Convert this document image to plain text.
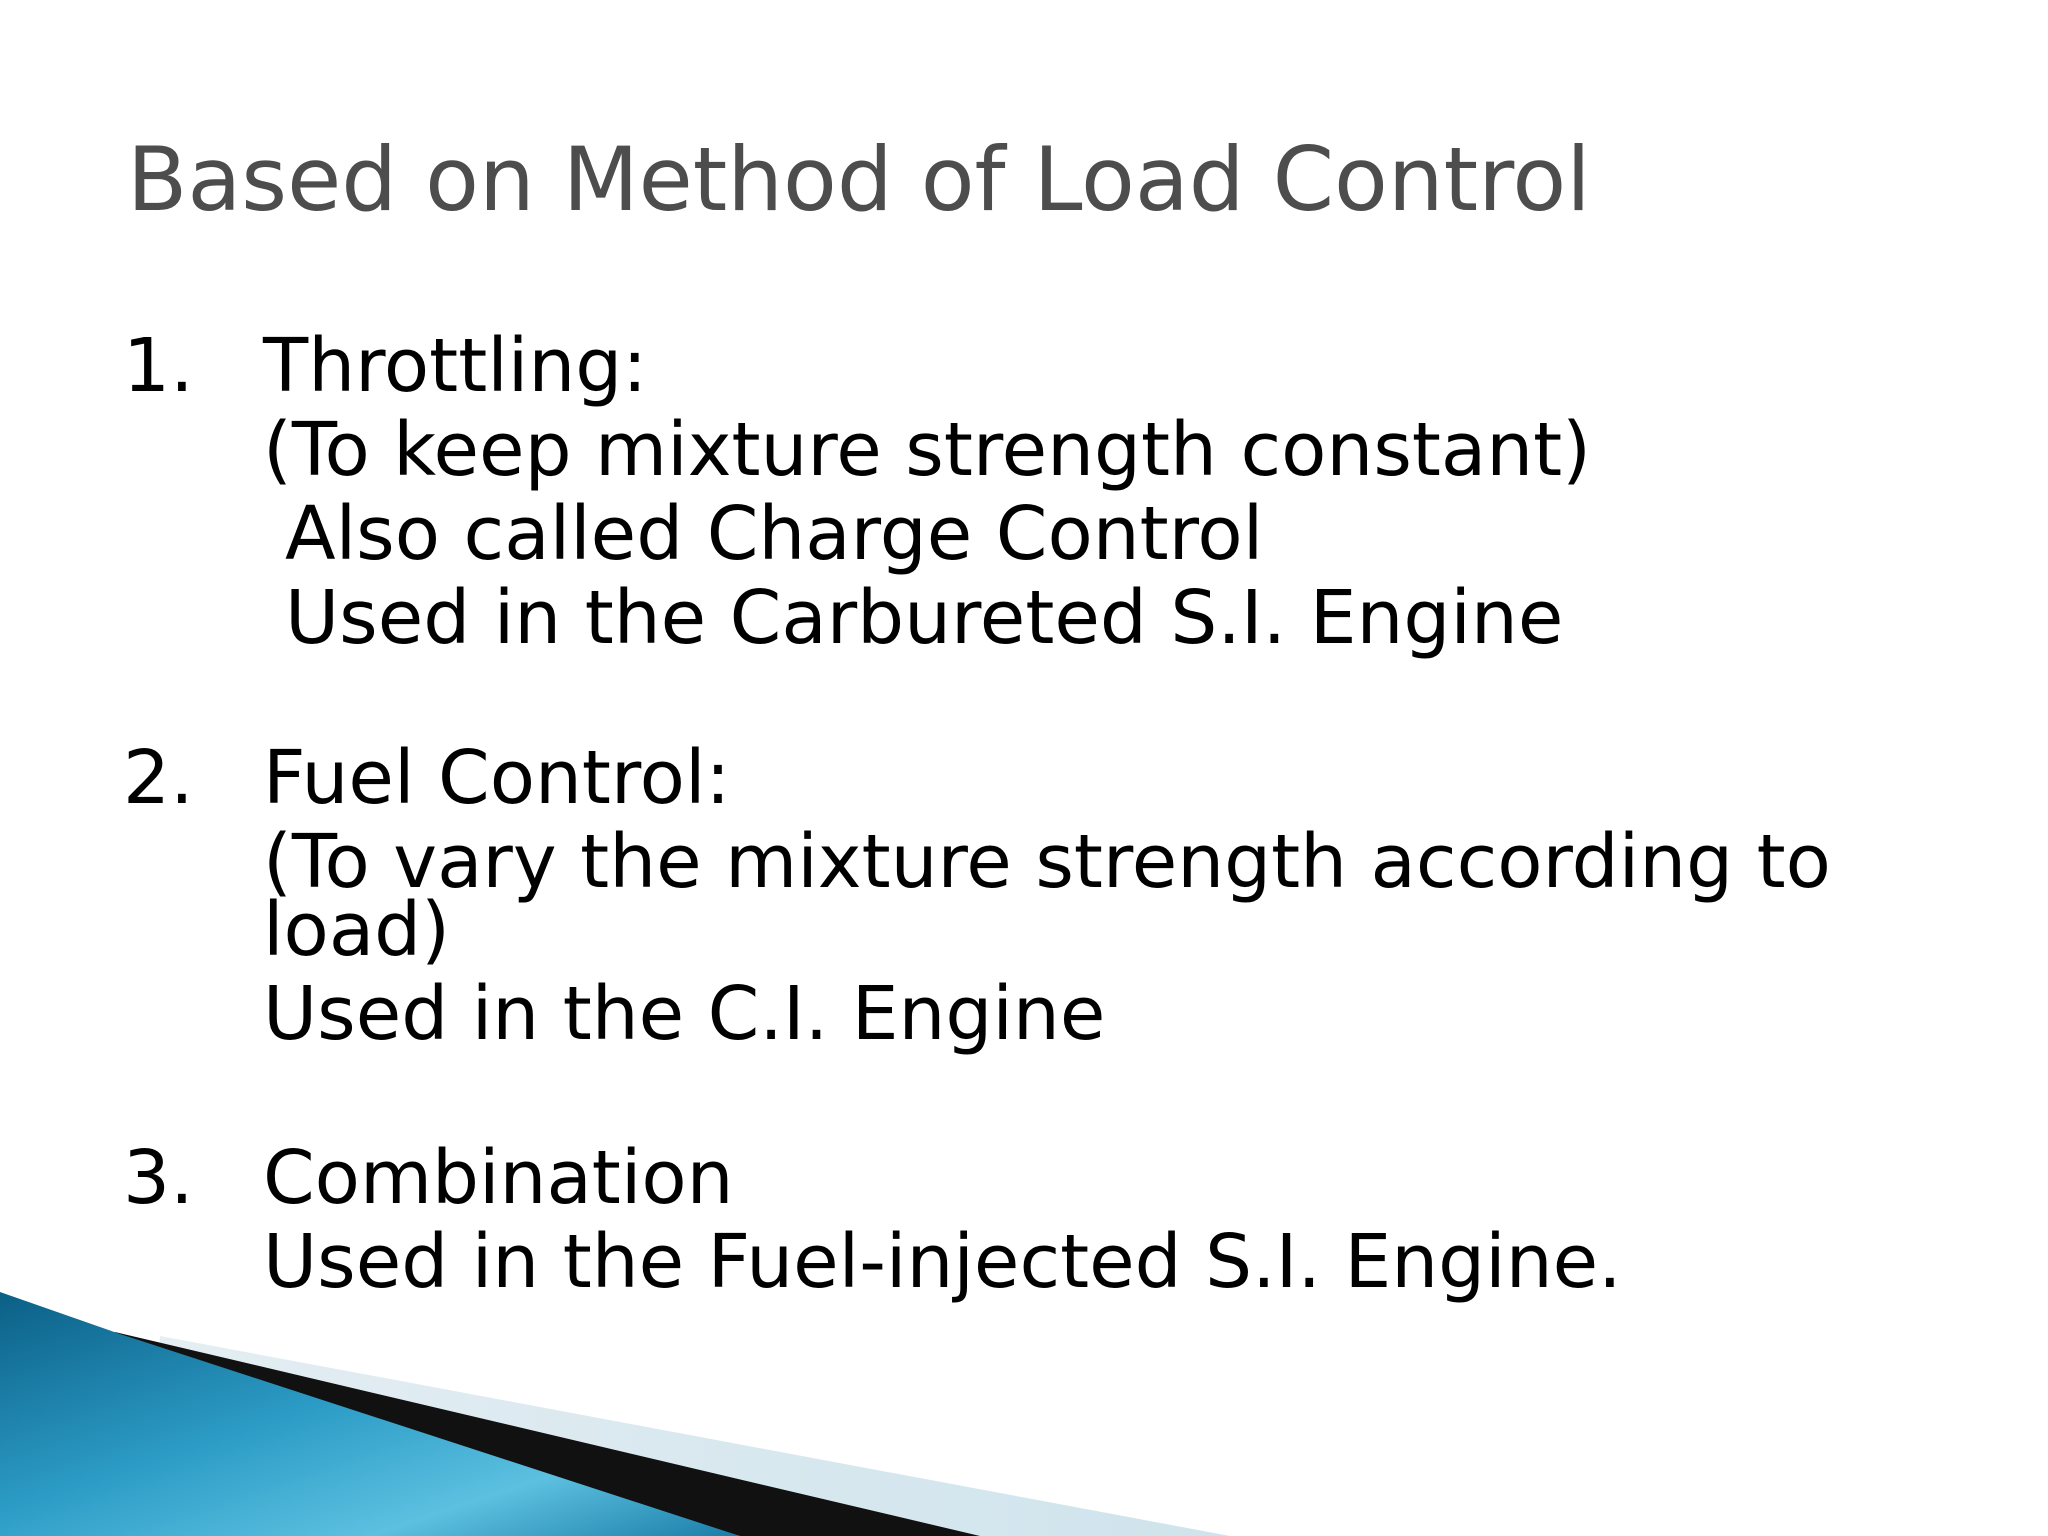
Based on Method of Load Control
1. Throttling:
(To keep mixture strength constant)
Also called Charge Control
Used in the Carbureted S.I. Engine
2. Fuel Control:
(To vary the mixture strength according to
load)
Used in the C.I. Engine
3. Combination
Used in the Fuel-injected S.I. Engine.
